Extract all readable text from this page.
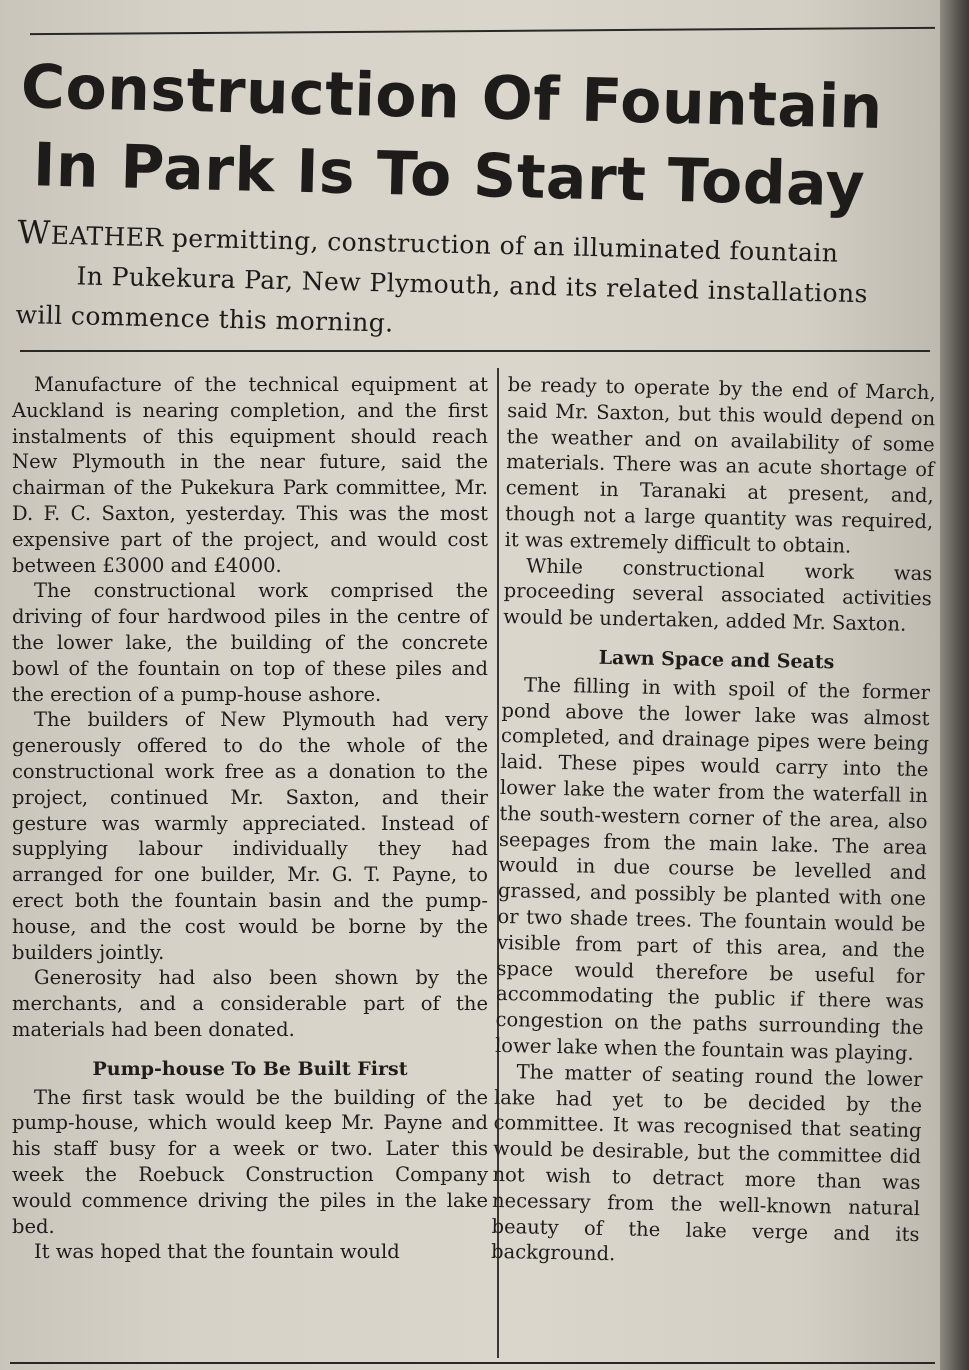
Construction Of Fountain
In Park Is To Start Today
WEATHER permitting, construction of an illuminated fountain
In Pukekura Par, New Plymouth, and its related installations
will commence this morning.

Manufacture of the technical equipment at Auckland is nearing completion, and the first instalments of this equipment should reach New Plymouth in the near future, said the chairman of the Pukekura Park committee, Mr. D. F. C. Saxton, yesterday. This was the most expensive part of the project, and would cost between £3000 and £4000.

The constructional work comprised the driving of four hardwood piles in the centre of the lower lake, the building of the concrete bowl of the fountain on top of these piles and the erection of a pump-house ashore.

The builders of New Plymouth had very generously offered to do the whole of the constructional work free as a donation to the project, continued Mr. Saxton, and their gesture was warmly appreciated. Instead of supplying labour individually they had arranged for one builder, Mr. G. T. Payne, to erect both the fountain basin and the pump-house, and the cost would be borne by the builders jointly.

Generosity had also been shown by the merchants, and a considerable part of the materials had been donated.

Pump-house To Be Built First

The first task would be the building of the pump-house, which would keep Mr. Payne and his staff busy for a week or two. Later this week the Roebuck Construction Company would commence driving the piles in the lake bed.

It was hoped that the fountain would

be ready to operate by the end of March, said Mr. Saxton, but this would depend on the weather and on availability of some materials. There was an acute shortage of cement in Taranaki at present, and, though not a large quantity was required, it was extremely difficult to obtain.

While constructional work was proceeding several associated activities would be undertaken, added Mr. Saxton.

Lawn Space and Seats

The filling in with spoil of the former pond above the lower lake was almost completed, and drainage pipes were being laid. These pipes would carry into the lower lake the water from the waterfall in the south-western corner of the area, also seepages from the main lake. The area would in due course be levelled and grassed, and possibly be planted with one or two shade trees. The fountain would be visible from part of this area, and the space would therefore be useful for accommodating the public if there was congestion on the paths surrounding the lower lake when the fountain was playing.

The matter of seating round the lower lake had yet to be decided by the committee. It was recognised that seating would be desirable, but the committee did not wish to detract more than was necessary from the well-known natural beauty of the lake verge and its background.
